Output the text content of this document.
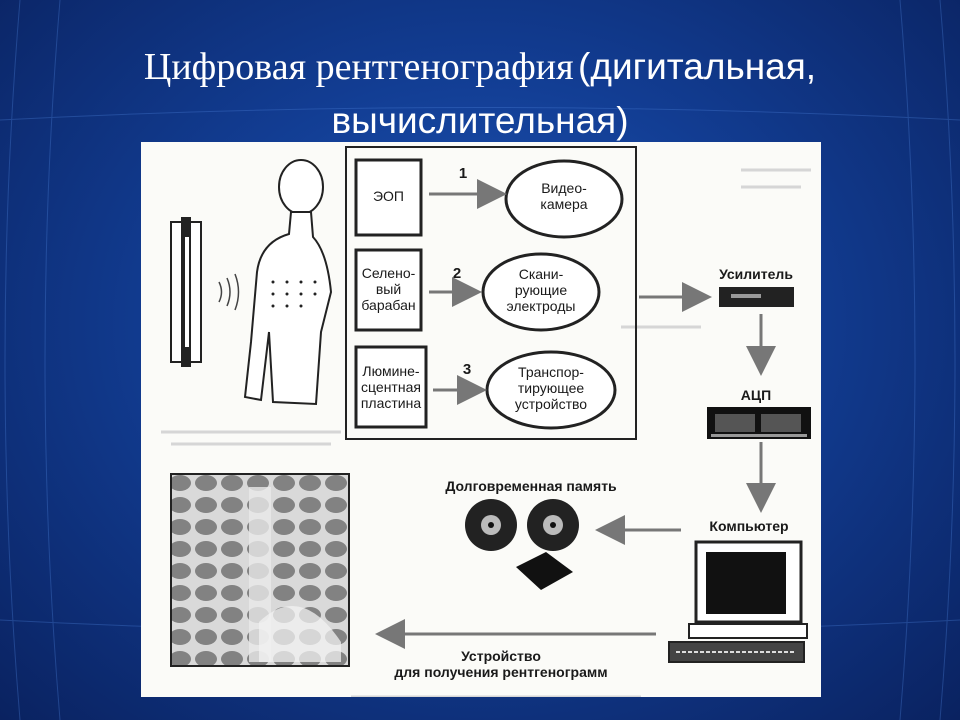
Цифровая рентгенография (дигитальная,
вычислительная)
ЭОП
Селено-
вый
барабан
Люмине-
сцентная
пластина
1
2
3
Видео-
камера
Скани-
рующие
электроды
Транспор-
тирующее
устройство
Усилитель
АЦП
Долговременная память
Компьютер
Устройство
для получения рентгенограмм
